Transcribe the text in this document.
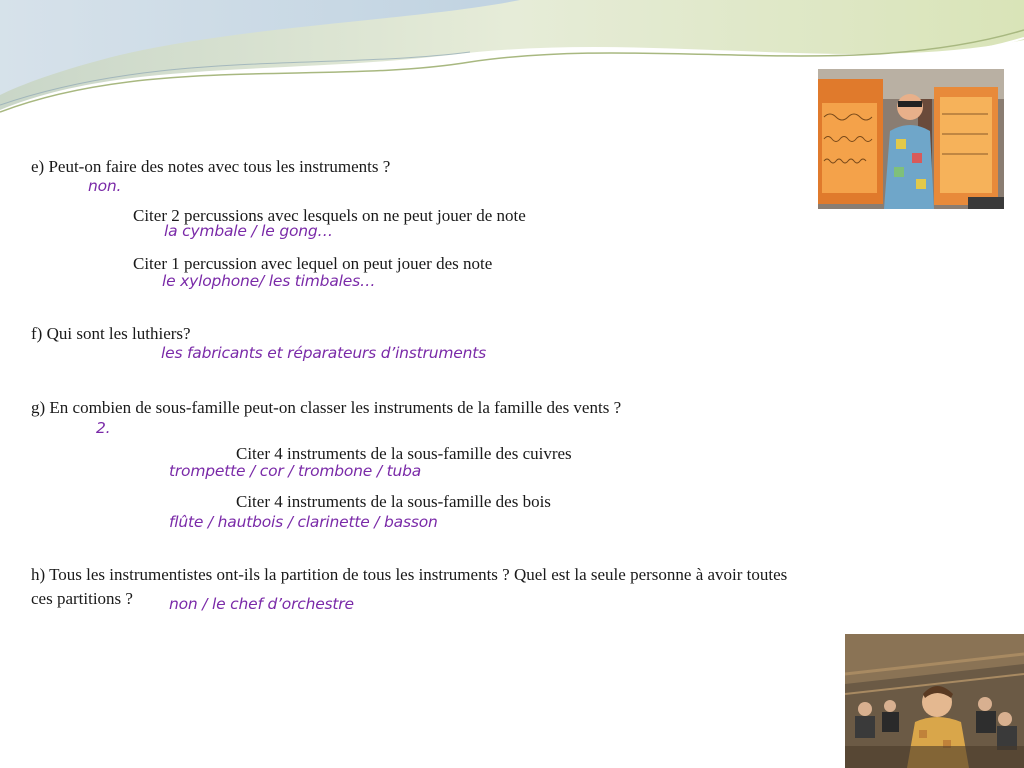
e) Peut-on faire des notes avec tous les instruments ?

non.

Citer 2 percussions avec lesquels on ne peut jouer de note

la cymbale / le gong…

Citer 1 percussion avec lequel on peut jouer des note

le xylophone/ les timbales…

f) Qui sont les luthiers?

les fabricants et réparateurs d’instruments

g) En combien de sous-famille peut-on classer les instruments de la famille des vents ?

2.

Citer 4 instruments de la sous-famille des cuivres

trompette / cor / trombone / tuba

Citer 4 instruments de la sous-famille des bois

flûte / hautbois / clarinette / basson

h) Tous les instrumentistes ont-ils la partition de tous les instruments ? Quel est la seule personne à avoir toutes

ces partitions ? non / le chef d’orchestre
